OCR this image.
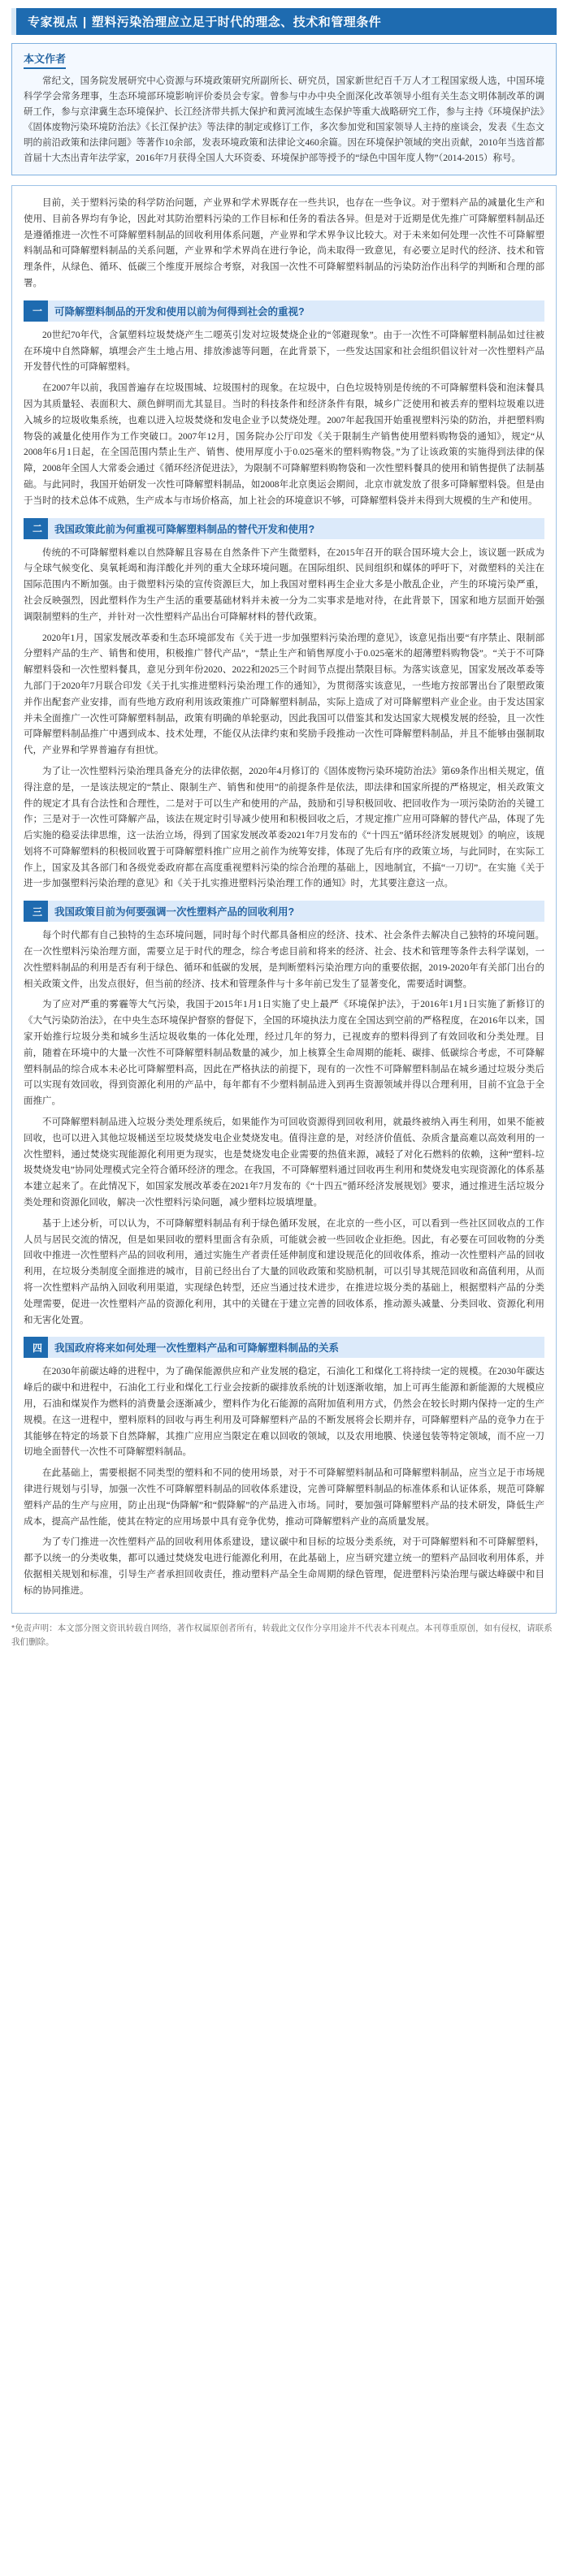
专家视点 | 塑料污染治理应立足于时代的理念、技术和管理条件
本文作者
常纪文，国务院发展研究中心资源与环境政策研究所副所长、研究员，国家新世纪百千万人才工程国家级人选，中国环境科学学会常务理事，生态环境部环境影响评价委员会专家。曾参与中办中央全面深化改革领导小组有关生态文明体制改革的调研工作，参与京津冀生态环境保护、长江经济带共抓大保护和黄河流域生态保护等重大战略研究工作，参与主持《环境保护法》《固体废物污染环境防治法》《长江保护法》等法律的制定或修订工作，多次参加党和国家领导人主持的座谈会，发表《生态文明的前沿政策和法律问题》等著作10余部，发表环境政策和法律论文460余篇。因在环境保护领域的突出贡献，2010年当选首都首届十大杰出青年法学家，2016年7月获得全国人大环资委、环境保护部等授予的“绿色中国年度人物”（2014-2015）称号。

目前，关于塑料污染的科学防治问题，产业界和学术界既存在一些共识，也存在一些争议。对于塑料产品的减量化生产和使用、目前各界均有争论，因此对其防治塑料污染的工作目标和任务的看法各异。但是对于近期是优先推广可降解塑料制品还是遵循推进一次性不可降解塑料制品的回收利用体系问题，产业界和学术界争议比较大。对于未来如何处理一次性不可降解塑料制品和可降解塑料制品的关系问题，产业界和学术界尚在进行争论，尚未取得一致意见，有必要立足时代的经济、技术和管理条件，从绿色、循环、低碳三个维度开展综合考察，对我国一次性不可降解塑料制品的污染防治作出科学的判断和合理的部署。

一	可降解塑料制品的开发和使用以前为何得到社会的重视?

20世纪70年代，含氯塑料垃圾焚烧产生二噁英引发对垃圾焚烧企业的“邻避现象”。由于一次性不可降解塑料制品如过往被在环境中自然降解，填埋会产生土地占用、排放渗滤等问题，在此背景下，一些发达国家和社会组织倡议针对一次性塑料产品开发替代性的可降解塑料。

在2007年以前，我国普遍存在垃圾围城、垃圾围村的现象。在垃圾中，白色垃圾特别是传统的不可降解塑料袋和泡沫餐具因为其质量轻、表面积大、颜色鲜明而尤其显目。当时的科技条件和经济条件有限，城乡广泛使用和被丢弃的塑料垃圾难以进入城乡的垃圾收集系统，也难以进入垃圾焚烧和发电企业予以焚烧处理。2007年起我国开始重视塑料污染的防治，并把塑料购物袋的减量化使用作为工作突破口。2007年12月，国务院办公厅印发《关于限制生产销售使用塑料购物袋的通知》，规定“从2008年6月1日起，在全国范围内禁止生产、销售、使用厚度小于0.025毫米的塑料购物袋。”为了让该政策的实施得到法律的保障，2008年全国人大常委会通过《循环经济促进法》，为限制不可降解塑料购物袋和一次性塑料餐具的使用和销售提供了法制基础。与此同时，我国开始研发一次性可降解塑料制品，如2008年北京奥运会期间，北京市就发放了很多可降解塑料袋。但是由于当时的技术总体不成熟，生产成本与市场价格高，加上社会的环境意识不够，可降解塑料袋并未得到大规模的生产和使用。

二	我国政策此前为何重视可降解塑料制品的替代开发和使用?

传统的不可降解塑料难以自然降解且容易在自然条件下产生微塑料，在2015年召开的联合国环境大会上，该议题一跃成为与全球气候变化、臭氧耗竭和海洋酸化并列的重大全球环境问题。在国际组织、民间组织和媒体的呼吁下，对微塑料的关注在国际范围内不断加强。由于微塑料污染的宣传资源巨大，加上我国对塑料再生企业大多是小散乱企业，产生的环境污染严重，社会反映强烈，因此塑料作为生产生活的重要基础材料并未被一分为二实事求是地对待，在此背景下，国家和地方层面开始强调限制塑料的生产，并针对一次性塑料产品出台可降解材料的替代政策。

2020年1月，国家发展改革委和生态环境部发布《关于进一步加强塑料污染治理的意见》，该意见指出要“有序禁止、限制部分塑料产品的生产、销售和使用，积极推广替代产品”，“禁止生产和销售厚度小于0.025毫米的超薄塑料购物袋”。“关于不可降解塑料袋和一次性塑料餐具，意见分到年份2020、2022和2025三个时间节点提出禁限目标。为落实该意见，国家发展改革委等九部门于2020年7月联合印发《关于扎实推进塑料污染治理工作的通知》，为贯彻落实该意见，一些地方按部署出台了限塑政策并作出配套产业安排，而有些地方政府利用该政策推广可降解塑料制品，实际上造成了对可降解塑料产业企业。由于发达国家并未全面推广一次性可降解塑料制品，政策有明确的单轮驱动，因此我国可以借鉴其和发达国家大规模发展的经验，且一次性可降解塑料制品推广中遇到成本、技术处理，不能仅从法律约束和奖励手段推动一次性可降解塑料制品，并且不能够由强制取代，产业界和学界普遍存有担忧。

为了让一次性塑料污染治理具备充分的法律依据，2020年4月修订的《固体废物污染环境防治法》第69条作出相关规定，值得注意的是，一是该法规定的“禁止、限制生产、销售和使用”的前提条件是依法，即法律和国家所提的严格规定，相关政策文件的规定才具有合法性和合理性，二是对于可以生产和使用的产品，鼓励和引导积极回收、把回收作为一项污染防治的关键工作；三是对于一次性可降解产品，该法在规定时引导减少使用和积极回收之后，才规定推广应用可降解的替代产品，体现了先后实施的稳妥法律思维，这一法治立场，得到了国家发展改革委2021年7月发布的《“十四五”循环经济发展规划》的响应，该规划将不可降解塑料的积极回收置于可降解塑料推广应用之前作为统筹安排，体现了先后有序的政策立场，与此同时，在实际工作上，国家及其各部门和各级党委政府都在高度重视塑料污染的综合治理的基础上，因地制宜，不搞“一刀切”。在实施《关于进一步加强塑料污染治理的意见》和《关于扎实推进塑料污染治理工作的通知》时，尤其要注意这一点。

三	我国政策目前为何要强调一次性塑料产品的回收利用?

每个时代都有自己独特的生态环境问题，同时每个时代都具备相应的经济、技术、社会条件去解决自己独特的环境问题。在一次性塑料污染治理方面，需要立足于时代的理念，综合考虑目前和将来的经济、社会、技术和管理等条件去科学谋划，一次性塑料制品的利用是否有利于绿色、循环和低碳的发展，是判断塑料污染治理方向的重要依据，2019-2020年有关部门出台的相关政策文件，出发点很好，但当前的经济、技术和管理条件与十多年前已发生了显著变化，需要适时调整。

为了应对严重的雾霾等大气污染，我国于2015年1月1日实施了史上最严《环境保护法》，于2016年1月1日实施了新修订的《大气污染防治法》，在中央生态环境保护督察的督促下，全国的环境执法力度在全国达到空前的严格程度，在2016年以来，国家开始推行垃圾分类和城乡生活垃圾收集的一体化处理，经过几年的努力，已视废弃的塑料得到了有效回收和分类处理。目前，随着在环境中的大量一次性不可降解塑料制品数量的减少，加上核算全生命周期的能耗、碳排、低碳综合考虑，不可降解塑料制品的综合成本未必比可降解塑料高，因此在严格执法的前提下，现有的一次性不可降解塑料制品在城乡通过垃圾分类后可以实现有效回收，得到资源化利用的产品中，每年都有不少塑料制品进入到再生资源领域并得以合理利用，目前不宜急于全面推广。

不可降解塑料制品进入垃圾分类处理系统后，如果能作为可回收资源得到回收利用，就最终被纳入再生利用，如果不能被回收，也可以进入其他垃圾桶送至垃圾焚烧发电企业焚烧发电。值得注意的是，对经济价值低、杂质含量高难以高效利用的一次性塑料，通过焚烧实现能源化利用更为现实，也是焚烧发电企业需要的热值来源，减轻了对化石燃料的依赖，这种“塑料-垃圾焚烧发电”协同处理模式完全符合循环经济的理念。在我国，不可降解塑料通过回收再生利用和焚烧发电实现资源化的体系基本建立起来了。在此情况下，如国家发展改革委在2021年7月发布的《“十四五”循环经济发展规划》要求，通过推进生活垃圾分类处理和资源化回收，解决一次性塑料污染问题，减少塑料垃圾填埋量。

基于上述分析，可以认为，不可降解塑料制品有利于绿色循环发展，在北京的一些小区，可以看到一些社区回收点的工作人员与居民交流的情况，但是如果回收的塑料里面含有杂质，可能就会被一些回收企业拒绝。因此，有必要在可回收物的分类回收中推进一次性塑料产品的回收利用，通过实施生产者责任延伸制度和建设规范化的回收体系，推动一次性塑料产品的回收利用，在垃圾分类制度全面推进的城市，目前已经出台了大量的回收政策和奖励机制，可以引导其规范回收和高值利用，从而将一次性塑料产品纳入回收利用渠道，实现绿色转型，还应当通过技术进步，在推进垃圾分类的基础上，根据塑料产品的分类处理需要，促进一次性塑料产品的资源化利用，其中的关键在于建立完善的回收体系，推动源头减量、分类回收、资源化利用和无害化处置。

四	我国政府将来如何处理一次性塑料产品和可降解塑料制品的关系

在2030年前碳达峰的进程中，为了确保能源供应和产业发展的稳定，石油化工和煤化工将持续一定的规模。在2030年碳达峰后的碳中和进程中，石油化工行业和煤化工行业会按新的碳排放系统的计划逐渐收缩，加上可再生能源和新能源的大规模应用，石油和煤炭作为燃料的消费量会逐渐减少，塑料作为化石能源的高附加值利用方式，仍然会在较长时期内保持一定的生产规模。在这一进程中，塑料原料的回收与再生利用及可降解塑料产品的不断发展将会长期并存，可降解塑料产品的竞争力在于其能够在特定的场景下自然降解，其推广应用应当限定在难以回收的领域，以及农用地膜、快递包装等特定领域，而不应一刀切地全面替代一次性不可降解塑料制品。

在此基础上，需要根据不同类型的塑料和不同的使用场景，对于不可降解塑料制品和可降解塑料制品，应当立足于市场规律进行规划与引导，加强一次性不可降解塑料制品的回收体系建设，完善可降解塑料制品的标准体系和认证体系，规范可降解塑料产品的生产与应用，防止出现“伪降解”和“假降解”的产品进入市场。同时，要加强可降解塑料产品的技术研发，降低生产成本，提高产品性能，使其在特定的应用场景中具有竞争优势，推动可降解塑料产业的高质量发展。

为了专门推进一次性塑料产品的回收利用体系建设，建议碳中和目标的垃圾分类系统，对于可降解塑料和不可降解塑料，都予以统一的分类收集，都可以通过焚烧发电进行能源化利用，在此基础上，应当研究建立统一的塑料产品回收利用体系，并依据相关规划和标准，引导生产者承担回收责任，推动塑料产品全生命周期的绿色管理，促进塑料污染治理与碳达峰碳中和目标的协同推进。

*免责声明：本文部分图文资讯转载自网络，著作权属原创者所有，转载此文仅作分享用途并不代表本刊观点。本刊尊重原创，如有侵权，请联系我们删除。
